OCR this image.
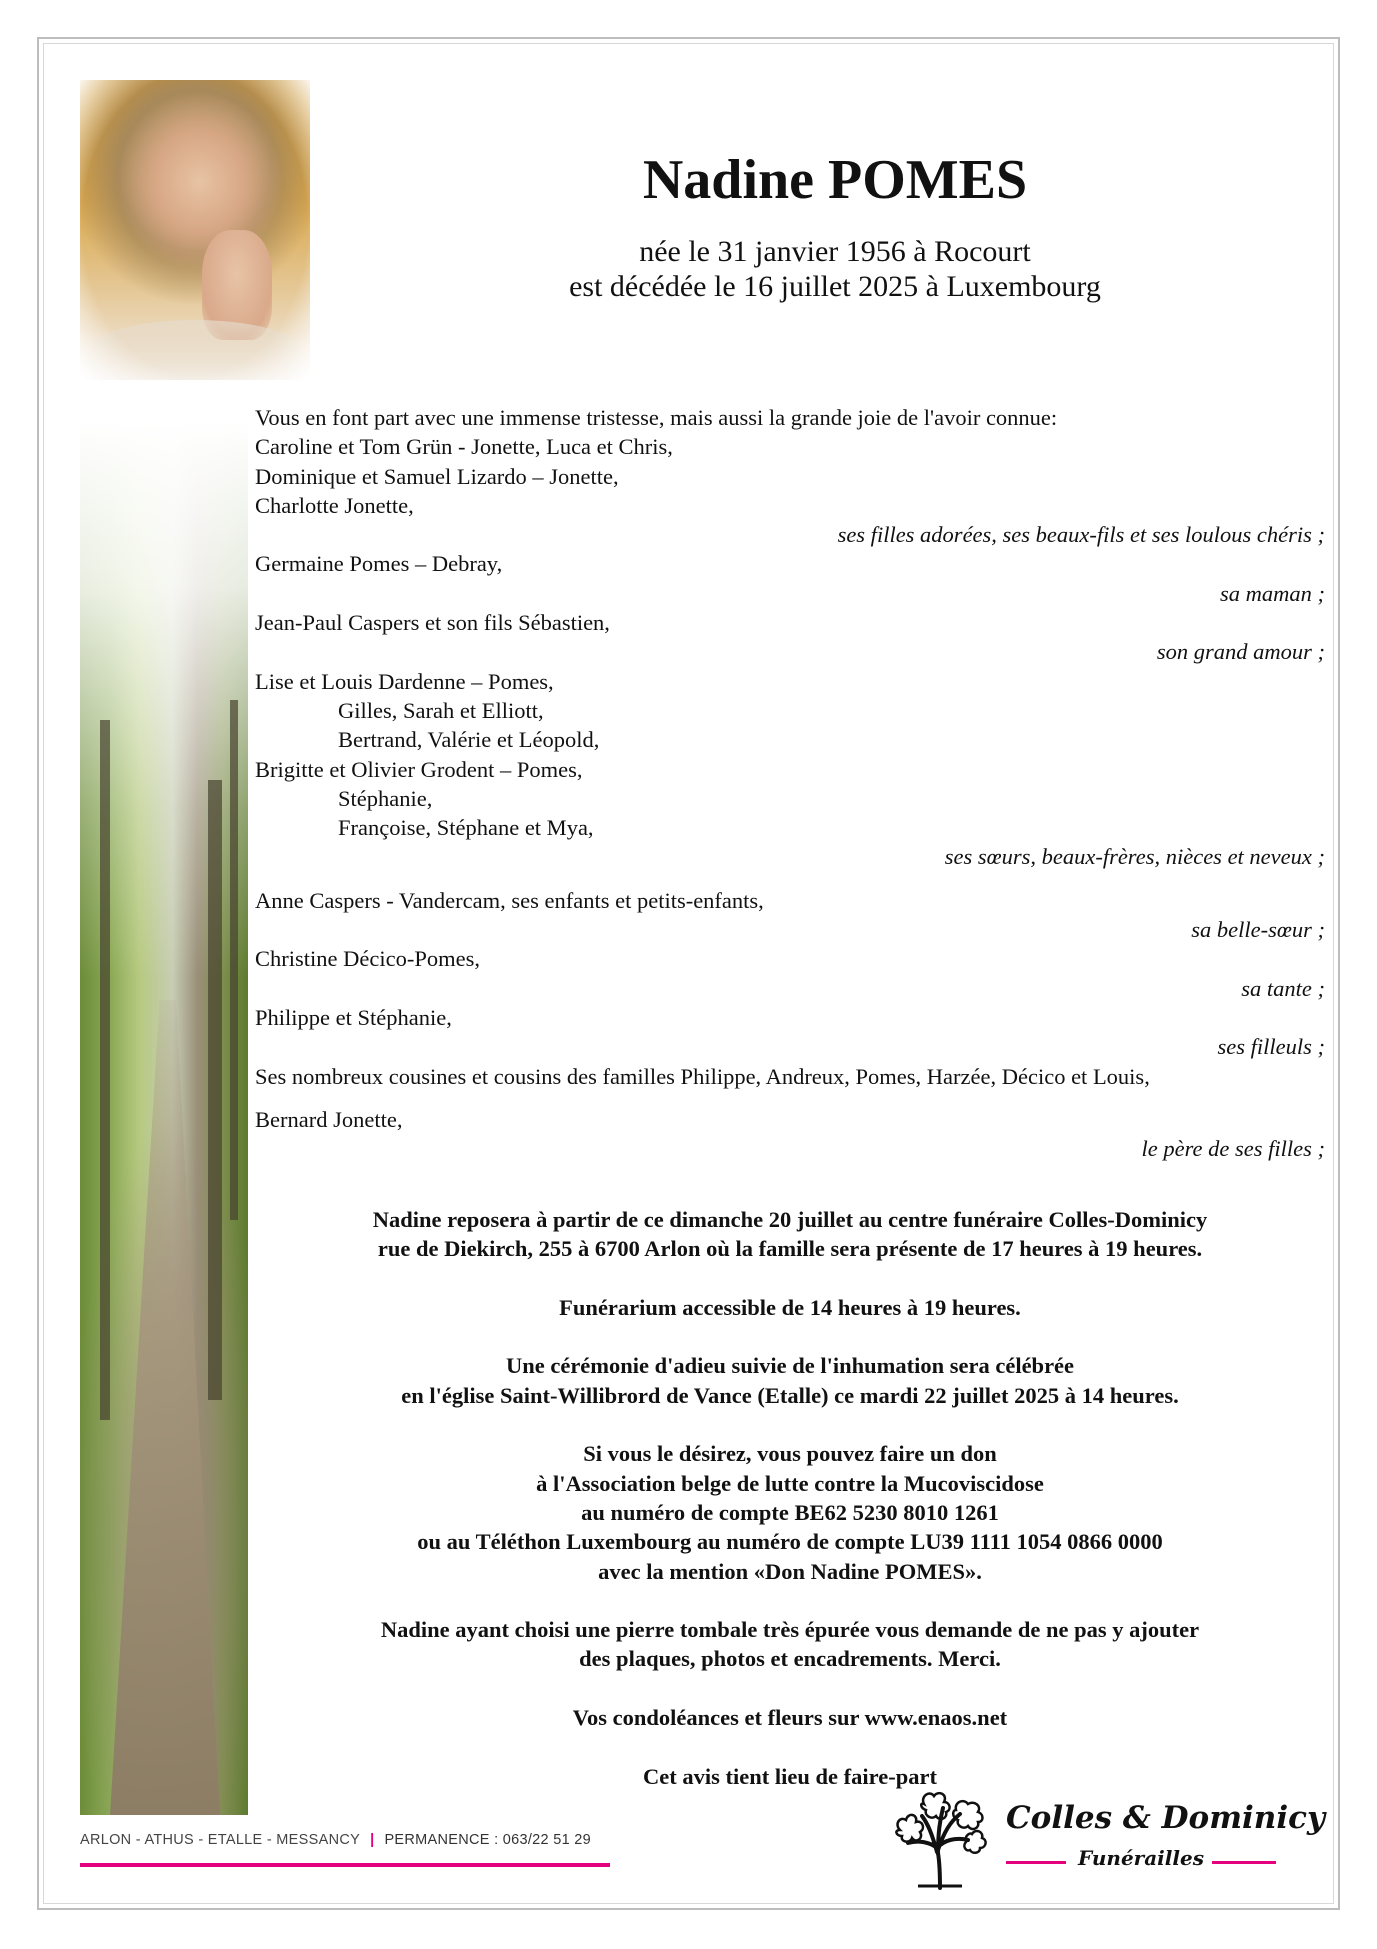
Nadine POMES
née le 31 janvier 1956 à Rocourt
est décédée le 16 juillet 2025 à Luxembourg
Vous en font part avec une immense tristesse, mais aussi la grande joie de l'avoir connue:
Caroline et Tom Grün - Jonette, Luca et Chris,
Dominique et Samuel Lizardo – Jonette,
Charlotte Jonette,
ses filles adorées, ses beaux-fils et ses loulous chéris ;
Germaine Pomes – Debray,
sa maman ;
Jean-Paul Caspers et son fils Sébastien,
son grand amour ;
Lise et Louis Dardenne – Pomes,
Gilles, Sarah et Elliott,
Bertrand, Valérie et Léopold,
Brigitte et Olivier Grodent – Pomes,
Stéphanie,
Françoise, Stéphane et Mya,
ses sœurs, beaux-frères, nièces et neveux ;
Anne Caspers - Vandercam, ses enfants et petits-enfants,
sa belle-sœur ;
Christine Décico-Pomes,
sa tante ;
Philippe et Stéphanie,
ses filleuls ;
Ses nombreux cousines et cousins des familles Philippe, Andreux, Pomes, Harzée, Décico et Louis,
Bernard Jonette,
le père de ses filles ;
Nadine reposera à partir de ce dimanche 20 juillet au centre funéraire Colles-Dominicy
rue de Diekirch, 255 à 6700 Arlon où la famille sera présente de 17 heures à 19 heures.
Funérarium accessible de 14 heures à 19 heures.
Une cérémonie d'adieu suivie de l'inhumation sera célébrée
en l'église Saint-Willibrord de Vance (Etalle) ce mardi 22 juillet 2025 à 14 heures.
Si vous le désirez, vous pouvez faire un don
à l'Association belge de lutte contre la Mucoviscidose
au numéro de compte BE62 5230 8010 1261
ou au Téléthon Luxembourg au numéro de compte LU39 1111 1054 0866 0000
avec la mention «Don Nadine POMES».
Nadine ayant choisi une pierre tombale très épurée vous demande de ne pas y ajouter
des plaques, photos et encadrements. Merci.
Vos condoléances et fleurs sur www.enaos.net
Cet avis tient lieu de faire-part
ARLON - ATHUS - ETALLE - MESSANCY | PERMANENCE : 063/22 51 29
Colles & Dominicy
Funérailles
